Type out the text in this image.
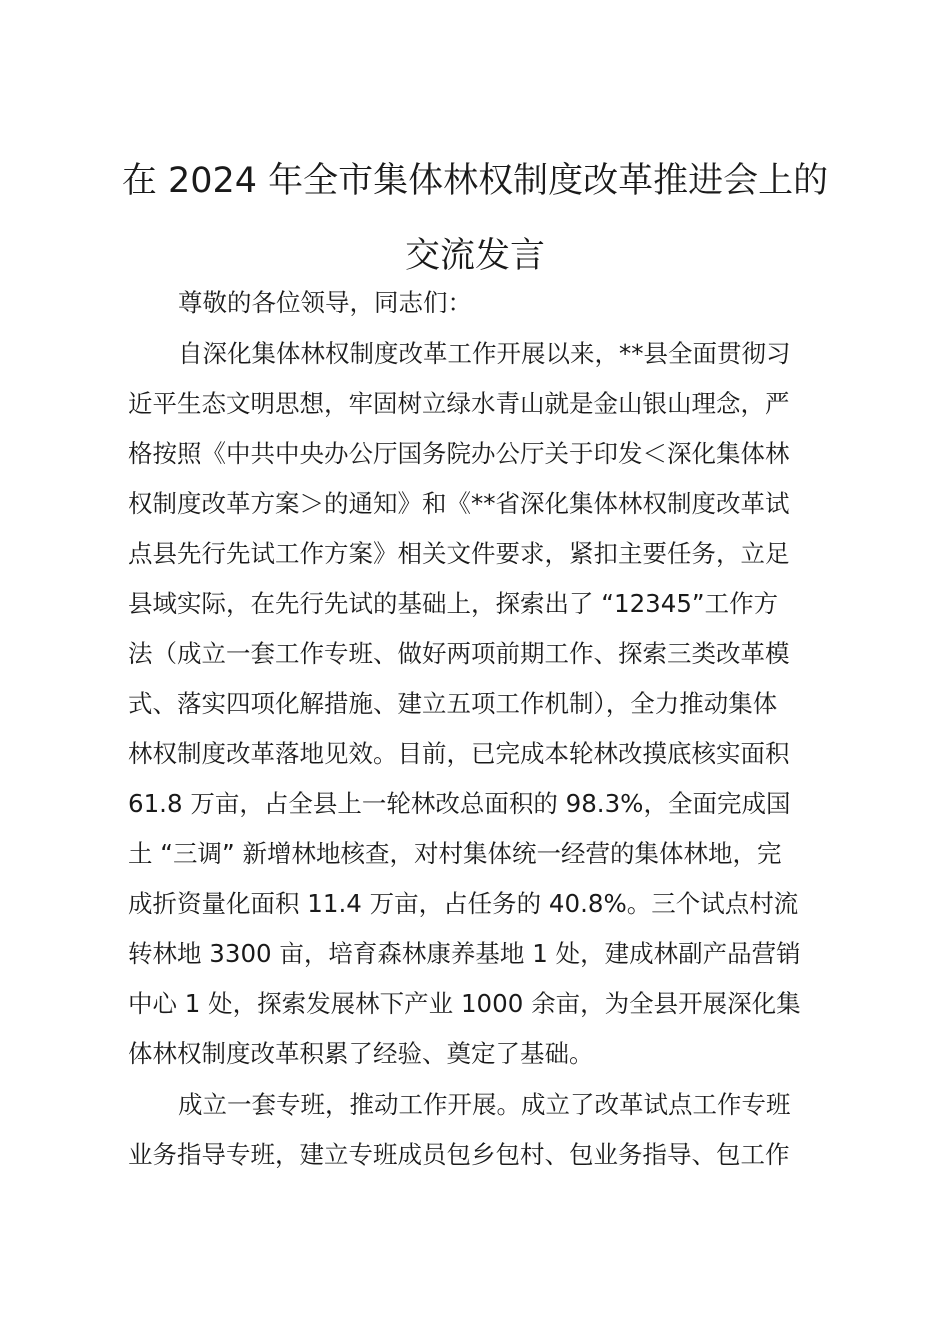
在 2024 年全市集体林权制度改革推进会上的
交流发言

尊敬的各位领导，同志们：

自深化集体林权制度改革工作开展以来，**县全面贯彻习

近平生态文明思想，牢固树立绿水青山就是金山银山理念，严

格按照《中共中央办公厅国务院办公厅关于印发＜深化集体林

权制度改革方案＞的通知》和《**省深化集体林权制度改革试

点县先行先试工作方案》相关文件要求，紧扣主要任务，立足

县域实际，在先行先试的基础上，探索出了 “12345”工作方

法（成立一套工作专班、做好两项前期工作、探索三类改革模

式、落实四项化解措施、建立五项工作机制），全力推动集体

林权制度改革落地见效。目前，已完成本轮林改摸底核实面积

61.8 万亩，占全县上一轮林改总面积的 98.3%，全面完成国

土 “三调” 新增林地核查，对村集体统一经营的集体林地，完

成折资量化面积 11.4 万亩，占任务的 40.8%。三个试点村流

转林地 3300 亩，培育森林康养基地 1 处，建成林副产品营销

中心 1 处，探索发展林下产业 1000 余亩，为全县开展深化集

体林权制度改革积累了经验、奠定了基础。

成立一套专班，推动工作开展。成立了改革试点工作专班

业务指导专班，建立专班成员包乡包村、包业务指导、包工作
